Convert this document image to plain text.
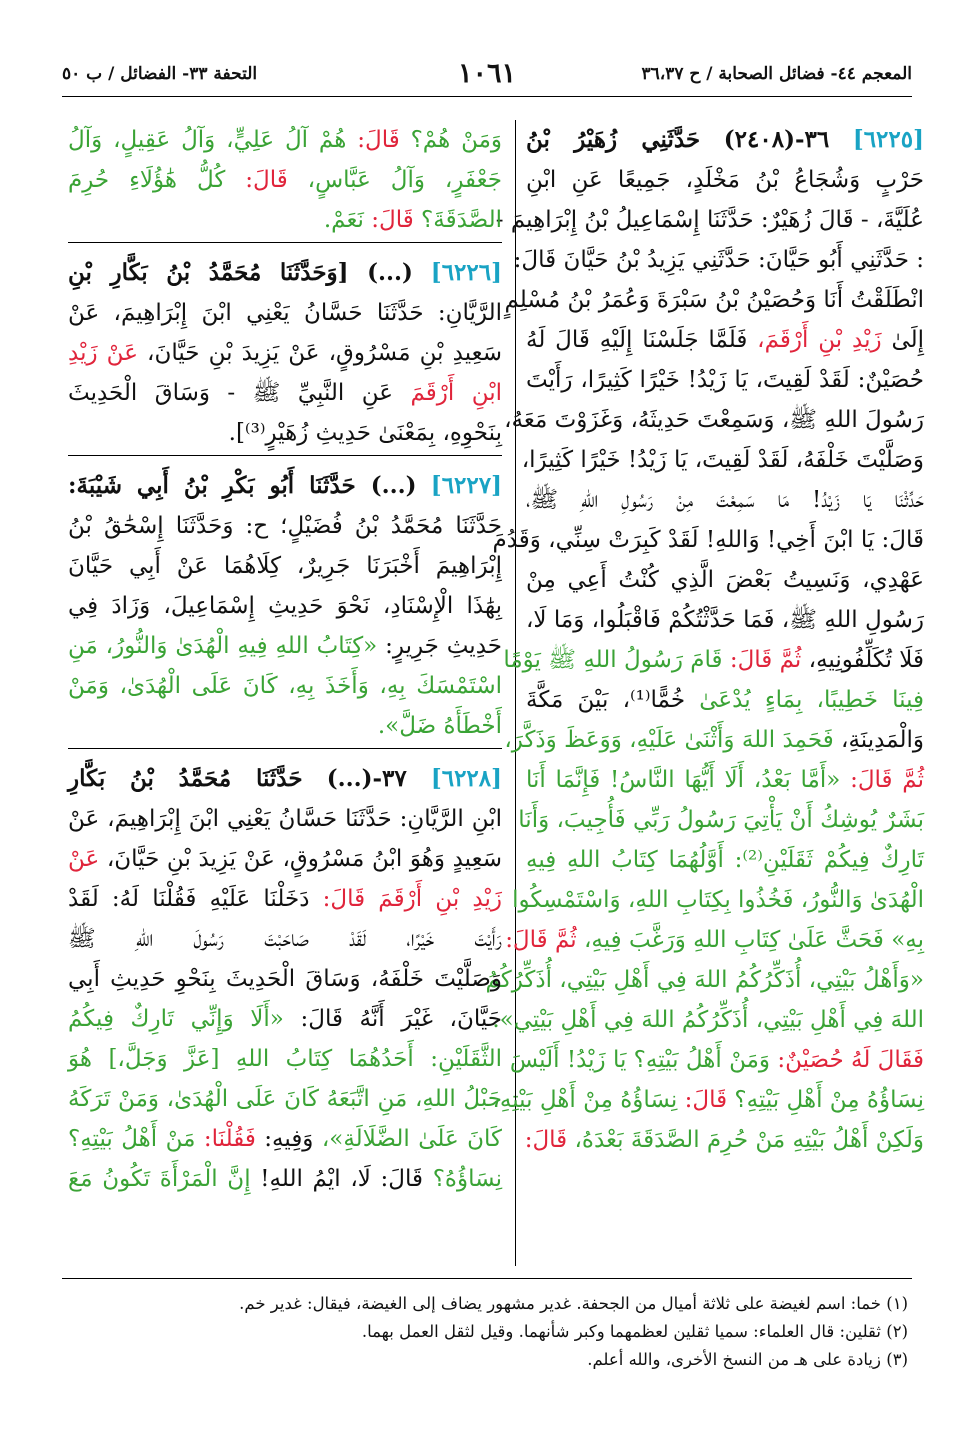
المعجم ٤٤- فضائل الصحابة / ح ٣٦،٣٧
١٠٦١
التحفة ٣٣- الفضائل / ب ٥٠
[٦٢٢٥] ٣٦-(٢٤٠٨) حَدَّثَنِي زُهَيْرُ بْنُ
حَرْبٍ وَشُجَاعُ بْنُ مَخْلَدٍ، جَمِيعًا عَنِ ابْنِ
عُلَيَّةَ، - قَالَ زُهَيْرٌ: حَدَّثَنَا إِسْمَاعِيلُ بْنُ إِبْرَاهِيمَ -
: حَدَّثَنِي أَبُو حَيَّانَ: حَدَّثَنِي يَزِيدُ بْنُ حَيَّانَ قَالَ:
انْطَلَقْتُ أَنَا وَحُصَيْنُ بْنُ سَبْرَةَ وَعُمَرُ بْنُ مُسْلِمٍ
إِلَىٰ زَيْدِ بْنِ أَرْقَمَ، فَلَمَّا جَلَسْنَا إِلَيْهِ قَالَ لَهُ
حُصَيْنٌ: لَقَدْ لَقِيتَ، يَا زَيْدُ! خَيْرًا كَثِيرًا، رَأَيْتَ
رَسُولَ اللهِ ﷺ، وَسَمِعْتَ حَدِيثَهُ، وَغَزَوْتَ مَعَهُ،
وَصَلَّيْتَ خَلْفَهُ، لَقَدْ لَقِيتَ، يَا زَيْدُ! خَيْرًا كَثِيرًا،
حَدِّثْنَا يَا زَيْدُ! مَا سَمِعْتَ مِنْ رَسُولِ اللهِ ﷺ،
قَالَ: يَا ابْنَ أَخِي! وَاللهِ! لَقَدْ كَبِرَتْ سِنِّي، وَقَدُمَ
عَهْدِي، وَنَسِيتُ بَعْضَ الَّذِي كُنْتُ أَعِي مِنْ
رَسُولِ اللهِ ﷺ، فَمَا حَدَّثْتُكُمْ فَاقْبَلُوا، وَمَا لَا،
فَلَا تُكَلِّفُونِيهِ، ثُمَّ قَالَ: قَامَ رَسُولُ اللهِ ﷺ يَوْمًا
فِينَا خَطِيبًا، بِمَاءٍ يُدْعَىٰ خُمًّا⁽¹⁾، بَيْنَ مَكَّةَ
وَالْمَدِينَةِ، فَحَمِدَ اللهَ وَأَثْنَىٰ عَلَيْهِ، وَوَعَظَ وَذَكَّرَ،
ثُمَّ قَالَ: «أَمَّا بَعْدُ، أَلَا أَيُّهَا النَّاسُ! فَإِنَّمَا أَنَا
بَشَرٌ يُوشِكُ أَنْ يَأْتِيَ رَسُولُ رَبِّي فَأُجِيبَ، وَأَنَا
تَارِكٌ فِيكُمْ ثَقَلَيْنِ⁽²⁾: أَوَّلُهُمَا كِتَابُ اللهِ فِيهِ
الْهُدَىٰ وَالنُّورُ، فَخُذُوا بِكِتَابِ اللهِ، وَاسْتَمْسِكُوا
بِهِ» فَحَثَّ عَلَىٰ كِتَابِ اللهِ وَرَغَّبَ فِيهِ، ثُمَّ قَالَ:
«وَأَهْلُ بَيْتِي، أُذَكِّرُكُمُ اللهَ فِي أَهْلِ بَيْتِي، أُذَكِّرُكُمُ
اللهَ فِي أَهْلِ بَيْتِي، أُذَكِّرُكُمُ اللهَ فِي أَهْلِ بَيْتِي».
فَقَالَ لَهُ حُصَيْنٌ: وَمَنْ أَهْلُ بَيْتِهِ؟ يَا زَيْدُ! أَلَيْسَ
نِسَاؤُهُ مِنْ أَهْلِ بَيْتِهِ؟ قَالَ: نِسَاؤُهُ مِنْ أَهْلِ بَيْتِهِ،
وَلَكِنْ أَهْلُ بَيْتِهِ مَنْ حُرِمَ الصَّدَقَةَ بَعْدَهُ، قَالَ:
وَمَنْ هُمْ؟ قَالَ: هُمْ آلُ عَلِيٍّ، وَآلُ عَقِيلٍ، وَآلُ
جَعْفَرٍ، وَآلُ عَبَّاسٍ، قَالَ: كُلُّ هَٰؤُلَاءِ حُرِمَ
الصَّدَقَةَ؟ قَالَ: نَعَمْ.
[٦٢٢٦] (...) [وَحَدَّثَنَا مُحَمَّدُ بْنُ بَكَّارِ بْنِ
الرَّيَّانِ: حَدَّثَنَا حَسَّانُ يَعْنِي ابْنَ إِبْرَاهِيمَ، عَنْ
سَعِيدِ بْنِ مَسْرُوقٍ، عَنْ يَزِيدَ بْنِ حَيَّانَ، عَنْ زَيْدِ
ابْنِ أَرْقَمَ عَنِ النَّبِيِّ ﷺ - وَسَاقَ الْحَدِيثَ
بِنَحْوِهِ، بِمَعْنَىٰ حَدِيثِ زُهَيْرٍ⁽³⁾].
[٦٢٢٧] (...) حَدَّثَنَا أَبُو بَكْرِ بْنُ أَبِي شَيْبَةَ:
حَدَّثَنَا مُحَمَّدُ بْنُ فُضَيْلٍ؛ ح: وَحَدَّثَنَا إِسْحَٰقُ بْنُ
إِبْرَاهِيمَ أَخْبَرَنَا جَرِيرٌ، كِلَاهُمَا عَنْ أَبِي حَيَّانَ
بِهَٰذَا الْإِسْنَادِ، نَحْوَ حَدِيثِ إِسْمَاعِيلَ، وَزَادَ فِي
حَدِيثِ جَرِيرٍ: «كِتَابُ اللهِ فِيهِ الْهُدَىٰ وَالنُّورُ، مَنِ
اسْتَمْسَكَ بِهِ، وَأَخَذَ بِهِ، كَانَ عَلَى الْهُدَىٰ، وَمَنْ
أَخْطَأَهُ ضَلَّ».
[٦٢٢٨] ٣٧-(...) حَدَّثَنَا مُحَمَّدُ بْنُ بَكَّارِ
ابْنِ الرَّيَّانِ: حَدَّثَنَا حَسَّانُ يَعْنِي ابْنَ إِبْرَاهِيمَ، عَنْ
سَعِيدٍ وَهُوَ ابْنُ مَسْرُوقٍ، عَنْ يَزِيدَ بْنِ حَيَّانَ، عَنْ
زَيْدِ بْنِ أَرْقَمَ قَالَ: دَخَلْنَا عَلَيْهِ فَقُلْنَا لَهُ: لَقَدْ
رَأَيْتَ خَيْرًا، لَقَدْ صَاحَبْتَ رَسُولَ اللهِ ﷺ
وَصَلَّيْتَ خَلْفَهُ، وَسَاقَ الْحَدِيثَ بِنَحْوِ حَدِيثِ أَبِي
حَيَّانَ، غَيْرَ أَنَّهُ قَالَ: «أَلَا وَإِنِّي تَارِكٌ فِيكُمُ
الثَّقَلَيْنِ: أَحَدُهُمَا كِتَابُ اللهِ [عَزَّ وَجَلَّ،] هُوَ
حَبْلُ اللهِ، مَنِ اتَّبَعَهُ كَانَ عَلَى الْهُدَىٰ، وَمَنْ تَرَكَهُ
كَانَ عَلَىٰ الضَّلَالَةِ»، وَفِيهِ: فَقُلْنَا: مَنْ أَهْلُ بَيْتِهِ؟
نِسَاؤُهُ؟ قَالَ: لَا، ايْمُ اللهِ! إِنَّ الْمَرْأَةَ تَكُونُ مَعَ
(١) خما: اسم لغيضة على ثلاثة أميال من الجحفة. غدير مشهور يضاف إلى الغيضة، فيقال: غدير خم.
(٢) ثقلين: قال العلماء: سميا ثقلين لعظمهما وكبر شأنهما. وقيل لثقل العمل بهما.
(٣) زيادة على هـ من النسخ الأخرى، والله أعلم.
